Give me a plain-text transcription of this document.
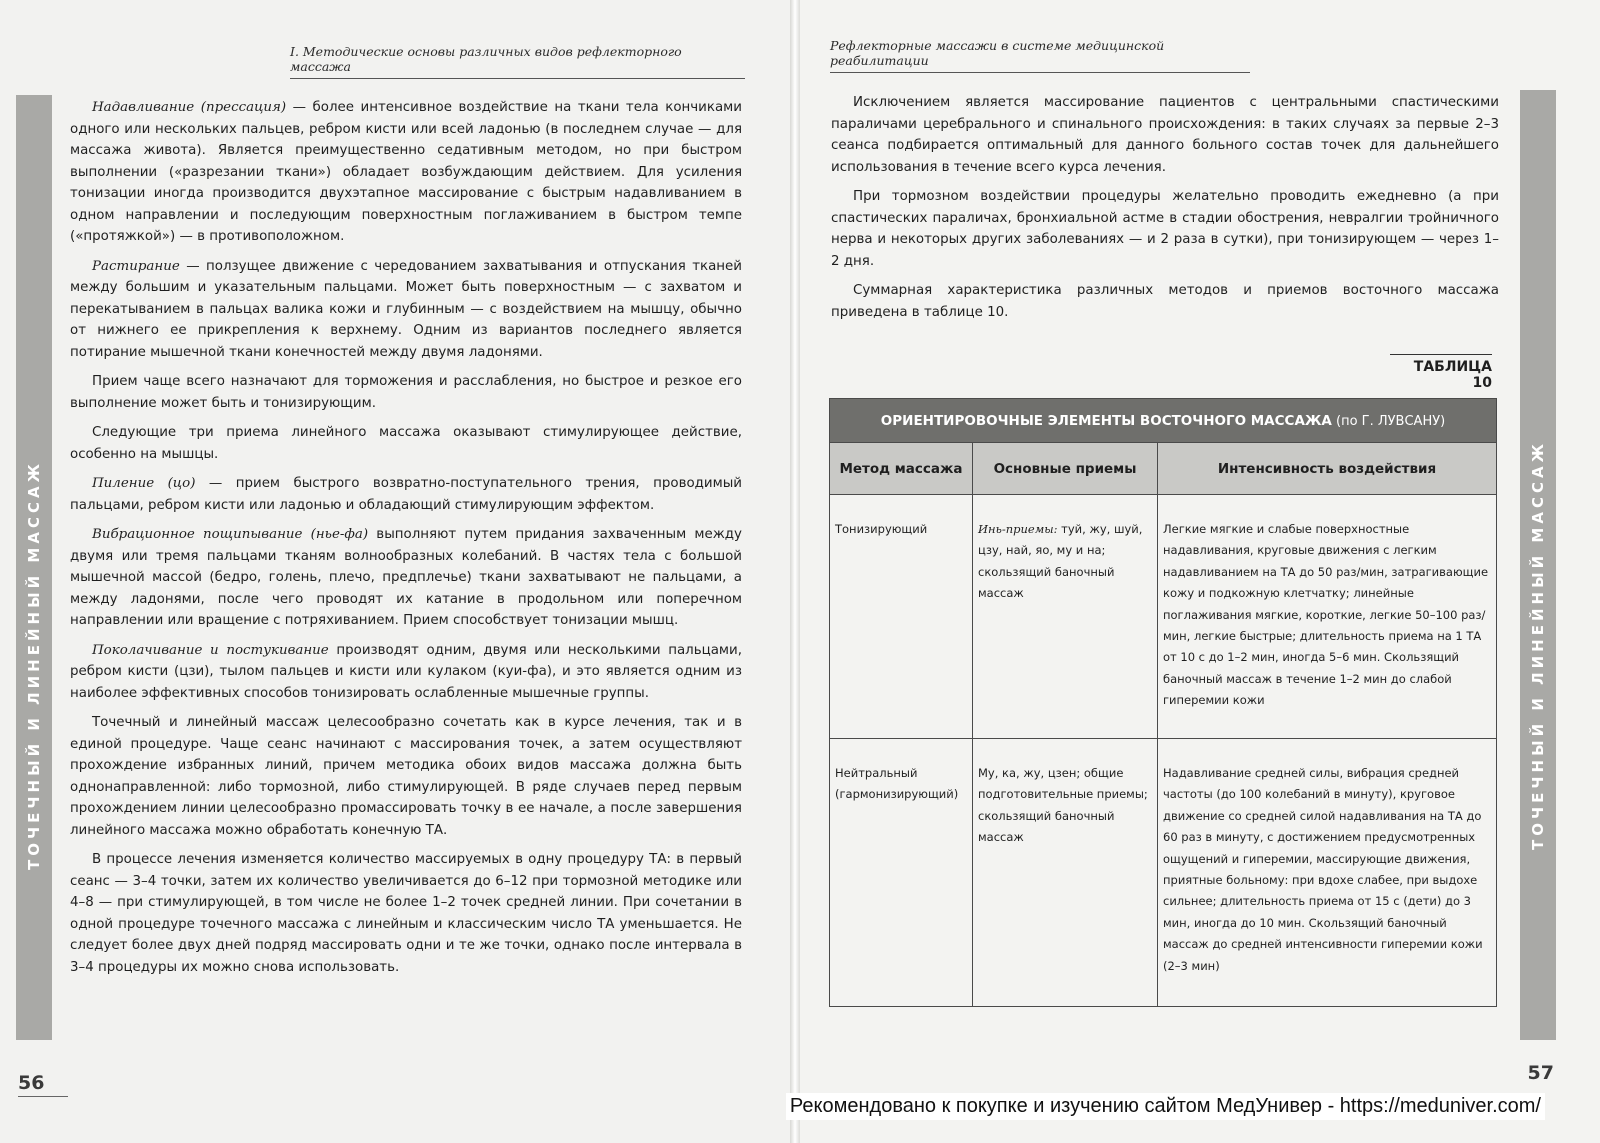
I. Методические основы различных видов рефлекторного массажа
ТОЧЕЧНЫЙ И ЛИНЕЙНЫЙ МАССАЖ

Надавливание (прессация) — более интенсивное воздействие на ткани тела кончиками одного или нескольких пальцев, ребром кисти или всей ладонью (в последнем случае — для массажа живота). Является преимущественно седативным методом, но при быстром выполнении («разрезании ткани») обладает возбуждающим действием. Для усиления тонизации иногда производится двухэтапное массирование с быстрым надавливанием в одном направлении и последующим поверхностным поглаживанием в быстром темпе («протяжкой») — в противоположном.

Растирание — ползущее движение с чередованием захватывания и отпускания тканей между большим и указательным пальцами. Может быть поверхностным — с захватом и перекатыванием в пальцах валика кожи и глубинным — с воздействием на мышцу, обычно от нижнего ее прикрепления к верхнему. Одним из вариантов последнего является потирание мышечной ткани конечностей между двумя ладонями.

Прием чаще всего назначают для торможения и расслабления, но быстрое и резкое его выполнение может быть и тонизирующим.

Следующие три приема линейного массажа оказывают стимулирующее действие, особенно на мышцы.

Пиление (цо) — прием быстрого возвратно-поступательного трения, проводимый пальцами, ребром кисти или ладонью и обладающий стимулирующим эффектом.

Вибрационное пощипывание (нье-фа) выполняют путем придания захваченным между двумя или тремя пальцами тканям волнообразных колебаний. В частях тела с большой мышечной массой (бедро, голень, плечо, предплечье) ткани захватывают не пальцами, а между ладонями, после чего проводят их катание в продольном или поперечном направлении или вращение с потряхиванием. Прием способствует тонизации мышц.

Поколачивание и постукивание производят одним, двумя или несколькими пальцами, ребром кисти (цзи), тылом пальцев и кисти или кулаком (куи-фа), и это является одним из наиболее эффективных способов тонизировать ослабленные мышечные группы.

Точечный и линейный массаж целесообразно сочетать как в курсе лечения, так и в единой процедуре. Чаще сеанс начинают с массирования точек, а затем осуществляют прохождение избранных линий, причем методика обоих видов массажа должна быть однонаправленной: либо тормозной, либо стимулирующей. В ряде случаев перед первым прохождением линии целесообразно промассировать точку в ее начале, а после завершения линейного массажа можно обработать конечную ТА.

В процессе лечения изменяется количество массируемых в одну процедуру ТА: в первый сеанс — 3–4 точки, затем их количество увеличивается до 6–12 при тормозной методике или 4–8 — при стимулирующей, в том числе не более 1–2 точек средней линии. При сочетании в одной процедуре точечного массажа с линейным и классическим число ТА уменьшается. Не следует более двух дней подряд массировать одни и те же точки, однако после интервала в 3–4 процедуры их можно снова использовать.

56
Рефлекторные массажи в системе медицинской реабилитации
ТОЧЕЧНЫЙ И ЛИНЕЙНЫЙ МАССАЖ

Исключением является массирование пациентов с центральными спастическими параличами церебрального и спинального происхождения: в таких случаях за первые 2–3 сеанса подбирается оптимальный для данного больного состав точек для дальнейшего использования в течение всего курса лечения.

При тормозном воздействии процедуры желательно проводить ежедневно (а при спастических параличах, бронхиальной астме в стадии обострения, невралгии тройничного нерва и некоторых других заболеваниях — и 2 раза в сутки), при тонизирующем — через 1–2 дня.

Суммарная характеристика различных методов и приемов восточного массажа приведена в таблице 10.

ТАБЛИЦА 10
ОРИЕНТИРОВОЧНЫЕ ЭЛЕМЕНТЫ ВОСТОЧНОГО МАССАЖА (по Г. ЛУВСАНУ)		
Метод массажа	Основные приемы	Интенсивность воздействия
Тонизирующий	Инь-приемы: туй, жу, шуй, цзу, най, яо, му и на; скользящий баночный массаж	Легкие мягкие и слабые поверхностные надавливания, круговые движения с легким надавливанием на ТА до 50 раз/мин, затрагивающие кожу и подкожную клетчатку; линейные поглаживания мягкие, короткие, легкие 50–100 раз/мин, легкие быстрые; длительность приема на 1 ТА от 10 с до 1–2 мин, иногда 5–6 мин. Скользящий баночный массаж в течение 1–2 мин до слабой гиперемии кожи
Нейтральный (гармонизирующий)	Му, ка, жу, цзен; общие подготовительные приемы; скользящий баночный массаж	Надавливание средней силы, вибрация средней частоты (до 100 колебаний в минуту), круговое движение со средней силой надавливания на ТА до 60 раз в минуту, с достижением предусмотренных ощущений и гиперемии, массирующие движения, приятные больному: при вдохе слабее, при выдохе сильнее; длительность приема от 15 с (дети) до 3 мин, иногда до 10 мин. Скользящий баночный массаж до средней интенсивности гиперемии кожи (2–3 мин)
57
Рекомендовано к покупке и изучению сайтом МедУнивер - https://meduniver.com/
